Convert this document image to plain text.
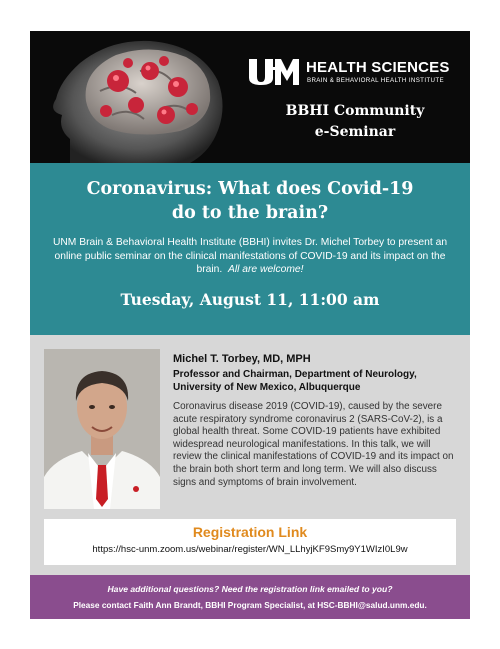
HEALTH SCIENCES
BRAIN & BEHAVIORAL HEALTH INSTITUTE
BBHI Community
e-Seminar
Coronavirus: What does Covid-19
do to the brain?
UNM Brain & Behavioral Health Institute (BBHI) invites Dr. Michel Torbey to present an online public seminar on the clinical manifestations of COVID-19 and its impact on the brain. All are welcome!
Tuesday, August 11, 11:00 am
Michel T. Torbey, MD, MPH
Professor and Chairman, Department of Neurology,
University of New Mexico, Albuquerque
Coronavirus disease 2019 (COVID-19), caused by the severe acute respiratory syndrome coronavirus 2 (SARS-CoV-2), is a global health threat. Some COVID-19 patients have exhibited widespread neurological manifestations. In this talk, we will review the clinical manifestations of COVID-19 and its impact on the brain both short term and long term. We will also discuss signs and symptoms of brain involvement.
Registration Link
https://hsc-unm.zoom.us/webinar/register/WN_LLhyjKF9Smy9Y1WIzI0L9w
Have additional questions? Need the registration link emailed to you?
Please contact Faith Ann Brandt, BBHI Program Specialist, at HSC-BBHI@salud.unm.edu.
